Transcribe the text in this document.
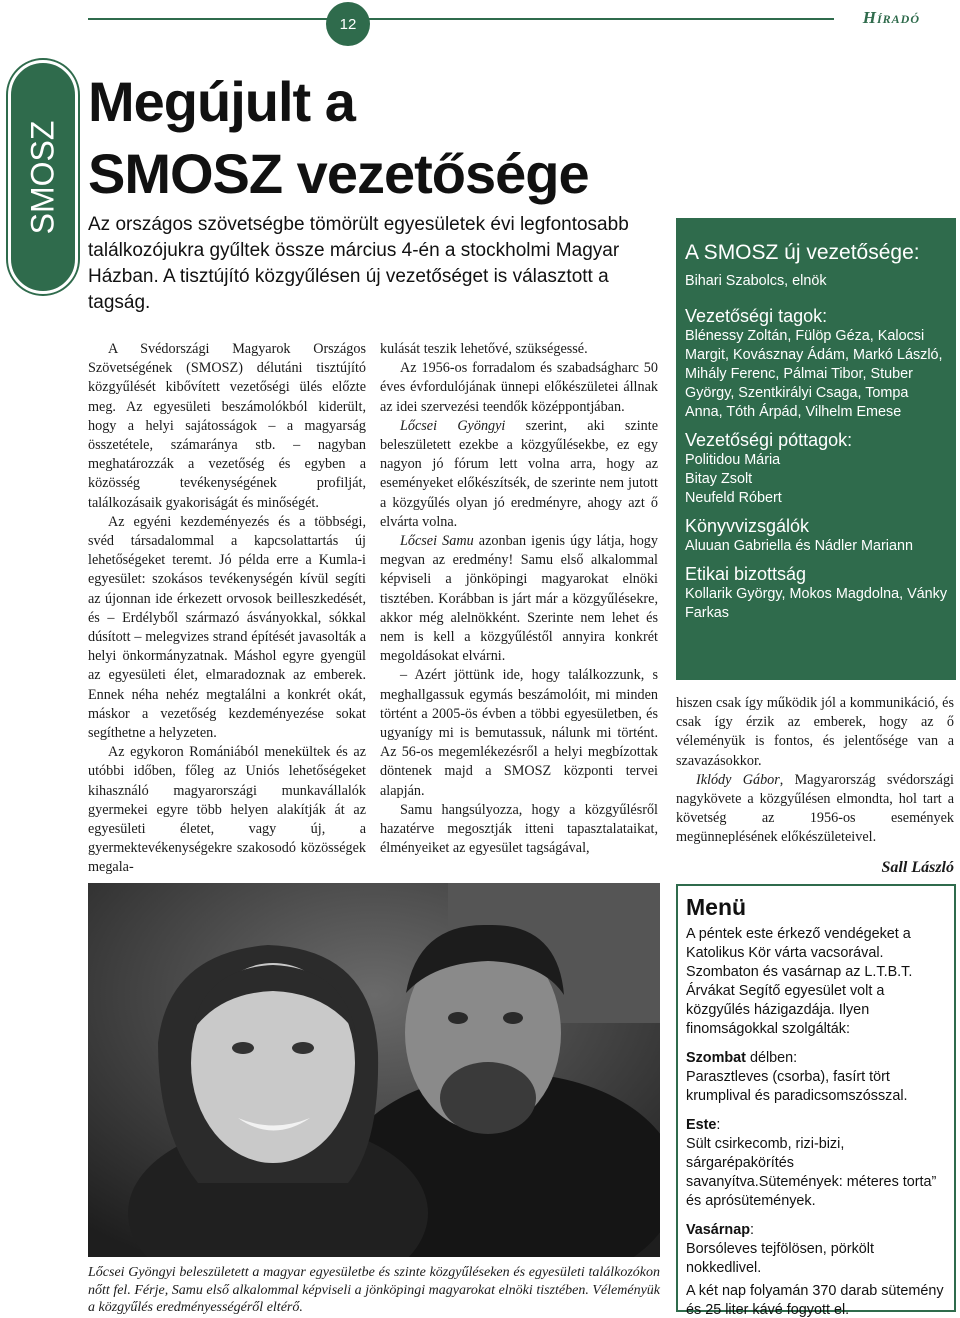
12	Híradó
SMOSZ
Megújult a
SMOSZ vezetősége

Az országos szövetségbe tömörült egyesületek évi legfontosabb találkozójukra gyűltek össze március 4-én a stockholmi Magyar Házban. A tisztújító közgyűlésen új vezetőséget is választott a tagság.

A Svédországi Magyarok Országos Szövetségének (SMOSZ) délutáni tisztújító közgyűlését kibővített vezetőségi ülés előzte meg. Az egyesületi beszámolókból kiderült, hogy a helyi sajátosságok – a magyarság összetétele, számaránya stb. – nagyban meghatározzák a vezetőség és egyben a közösség tevékenységének profilját, találkozásaik gyakoriságát és minőségét.

Az egyéni kezdeményezés és a többségi, svéd társadalommal a kapcsolattartás új lehetőségeket teremt. Jó példa erre a Kumla-i egyesület: szokásos tevékenységén kívül segíti az újonnan ide érkezett orvosok beilleszkedését, és – Erdélyből származó ásványokkal, sókkal dúsított – melegvizes strand építését javasolták a helyi önkormányzatnak. Máshol egyre gyengül az egyesületi élet, elmaradoznak az emberek. Ennek néha nehéz megtalálni a konkrét okát, máskor a vezetőség kezdeményezése sokat segíthetne a helyzeten.

Az egykoron Romániából menekültek és az utóbbi időben, főleg az Uniós lehetőségeket kihasználó magyarországi munkavállalók gyermekei egyre több helyen alakítják át az egyesületi életet, vagy új, a gyermektevékenységekre szakosodó közösségek megala-

kulását teszik lehetővé, szükségessé.

Az 1956-os forradalom és szabadságharc 50 éves évfordulójának ünnepi előkészületei állnak az idei szervezési teendők középpontjában.

Lőcsei Gyöngyi szerint, aki szinte beleszületett ezekbe a közgyűlésekbe, ez egy nagyon jó fórum lett volna arra, hogy az eseményeket előkészítsék, de szerinte nem jutott a közgyűlés olyan jó eredményre, ahogy azt ő elvárta volna.

Lőcsei Samu azonban igenis úgy látja, hogy megvan az eredmény! Samu első alkalommal képviseli a jönköpingi magyarokat elnöki tisztében. Korábban is járt már a közgyűlésekre, akkor még alelnökként. Szerinte nem lehet és nem is kell a közgyűléstől annyira konkrét megoldásokat elvárni.

– Azért jöttünk ide, hogy találkozzunk, s meghallgassuk egymás beszámolóit, mi minden történt a 2005-ös évben a többi egyesületben, és ugyanígy mi is bemutassuk, nálunk mi történt. Az 56-os megemlékezésről a helyi megbízottak döntenek majd a SMOSZ központi tervei alapján.

Samu hangsúlyozza, hogy a közgyűlésről hazatérve megosztják itteni tapasztalataikat, élményeiket az egyesület tagságával,

A SMOSZ új vezetősége:
Bihari Szabolcs, elnök
Vezetőségi tagok:
Blénessy Zoltán, Fülöp Géza, Kalocsi Margit, Kovásznay Ádám, Markó László, Mihály Ferenc, Pálmai Tibor, Stuber György, Szentkirályi Csaga, Tompa Anna, Tóth Árpád, Vilhelm Emese
Vezetőségi póttagok:
Politidou Mária
Bitay Zsolt
Neufeld Róbert
Könyvvizsgálók
Aluuan Gabriella és Nádler Mariann
Etikai bizottság
Kollarik György, Mokos Magdolna, Vánky Farkas

hiszen csak így működik jól a kommunikáció, és csak így érzik az emberek, hogy az ő véleményük is fontos, és jelentősége van a szavazásokkor.

Iklódy Gábor, Magyarország svédországi nagykövete a közgyűlésen elmondta, hol tart a követség az 1956-os események megünneplésének előkészületeivel.

Sall László

Lőcsei Gyöngyi beleszületett a magyar egyesületbe és szinte közgyűléseken és egyesületi találkozókon nőtt fel. Férje, Samu első alkalommal képviseli a jönköpingi magyarokat elnöki tisztében. Véleményük a közgyűlés eredményességéről eltérő.

Menü

A péntek este érkező vendégeket a Katolikus Kör várta vacsorával. Szombaton és vasárnap az L.T.B.T. Árvákat Segítő egyesület volt a közgyűlés házigazdája. Ilyen finomságokkal szolgálták:

Szombat délben:
Parasztleves (csorba), fasírt tört krumplival és paradicsomszósszal.

Este:
Sült csirkecomb, rizi-bizi, sárgarépakörítés savanyítva.Sütemények: méteres torta” és aprósütemények.

Vasárnap:
Borsóleves tejfölösen, pörkölt nokkedlivel.

A két nap folyamán 370 darab sütemény és 25 liter kávé fogyott el.
